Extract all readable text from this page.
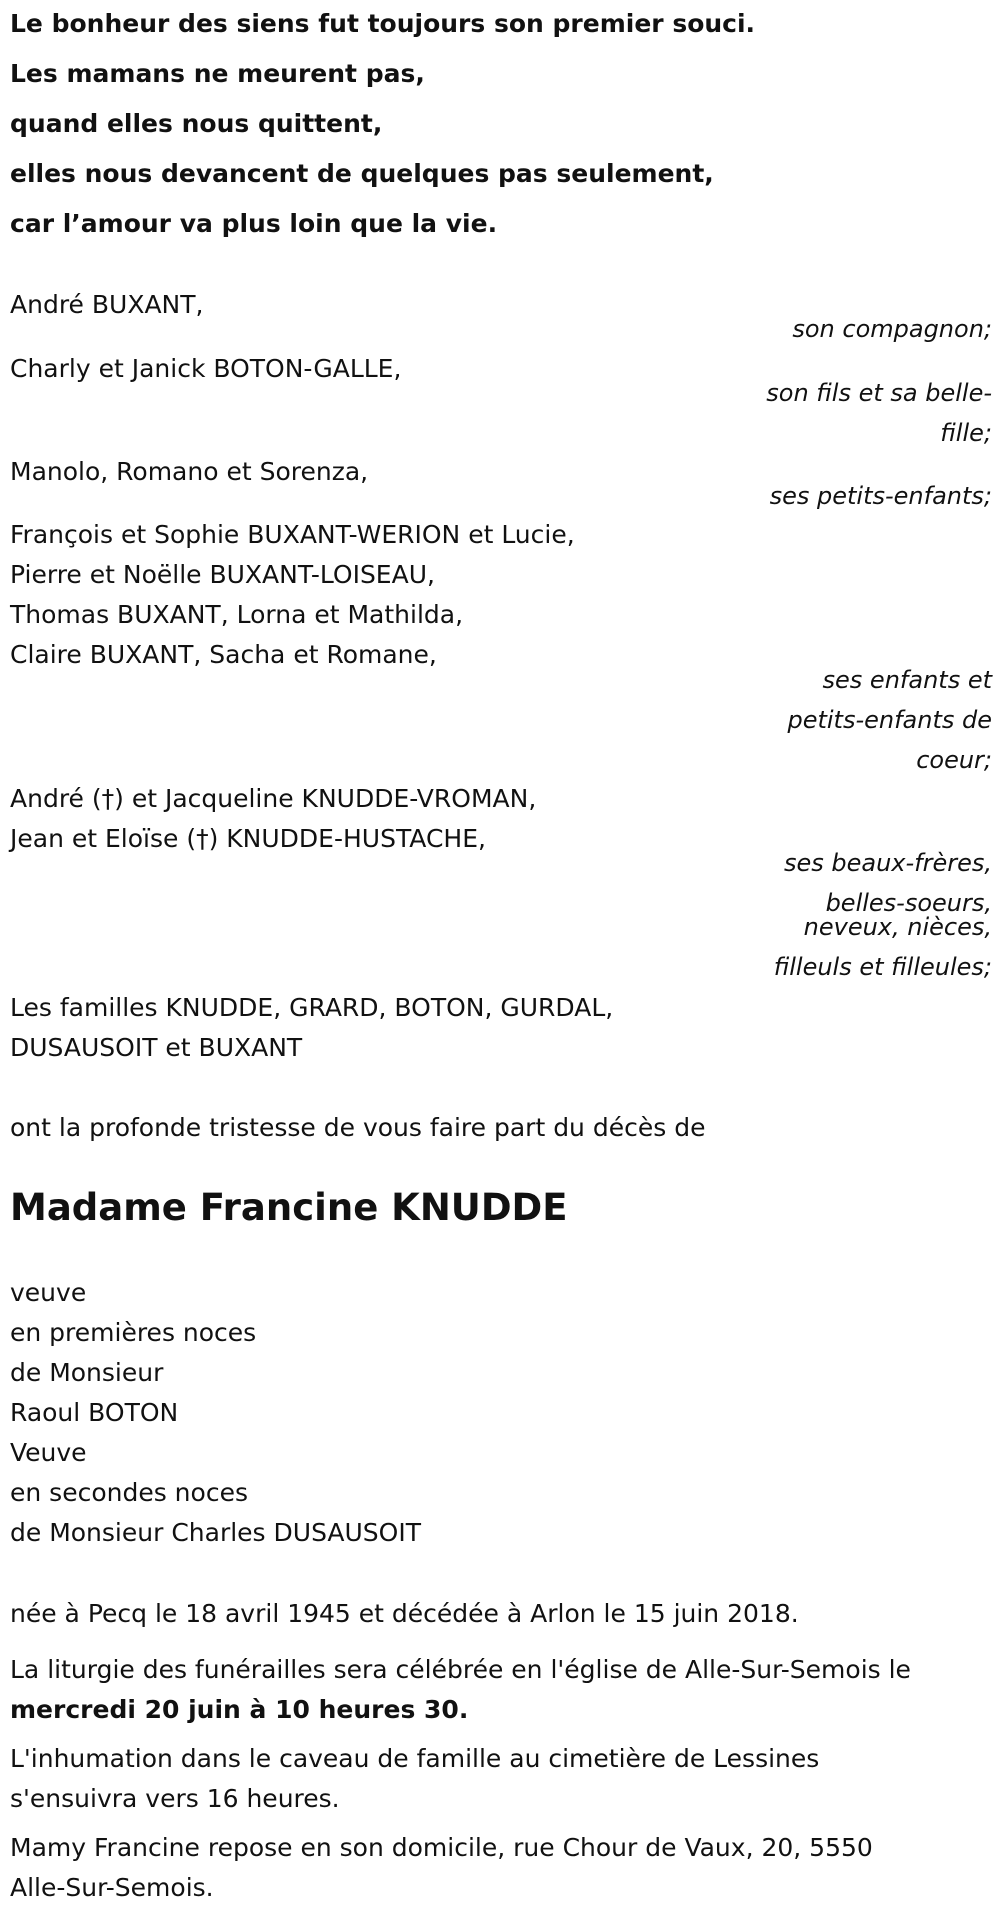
Le bonheur des siens fut toujours son premier souci.
Les mamans ne meurent pas,
quand elles nous quittent,
elles nous devancent de quelques pas seulement,
car l’amour va plus loin que la vie.
André BUXANT,
son compagnon;
Charly et Janick BOTON-GALLE,
son fils et sa belle-
fille;
Manolo, Romano et Sorenza,
ses petits-enfants;
François et Sophie BUXANT-WERION et Lucie,
Pierre et Noëlle BUXANT-LOISEAU,
Thomas BUXANT, Lorna et Mathilda,
Claire BUXANT, Sacha et Romane,
ses enfants et
petits-enfants de
coeur;
André (†) et Jacqueline KNUDDE-VROMAN,
Jean et Eloïse (†) KNUDDE-HUSTACHE,
ses beaux-frères,
belles-soeurs,
neveux, nièces,
filleuls et filleules;
Les familles KNUDDE, GRARD, BOTON, GURDAL,
DUSAUSOIT et BUXANT
ont la profonde tristesse de vous faire part du décès de
Madame Francine KNUDDE
veuve
en premières noces
de Monsieur
Raoul BOTON
Veuve
en secondes noces
de Monsieur Charles DUSAUSOIT
née à Pecq le 18 avril 1945 et décédée à Arlon le 15 juin 2018.
La liturgie des funérailles sera célébrée en l'église de Alle-Sur-Semois le
mercredi 20 juin à 10 heures 30.
L'inhumation dans le caveau de famille au cimetière de Lessines
s'ensuivra vers 16 heures.
Mamy Francine repose en son domicile, rue Chour de Vaux, 20, 5550
Alle-Sur-Semois.
